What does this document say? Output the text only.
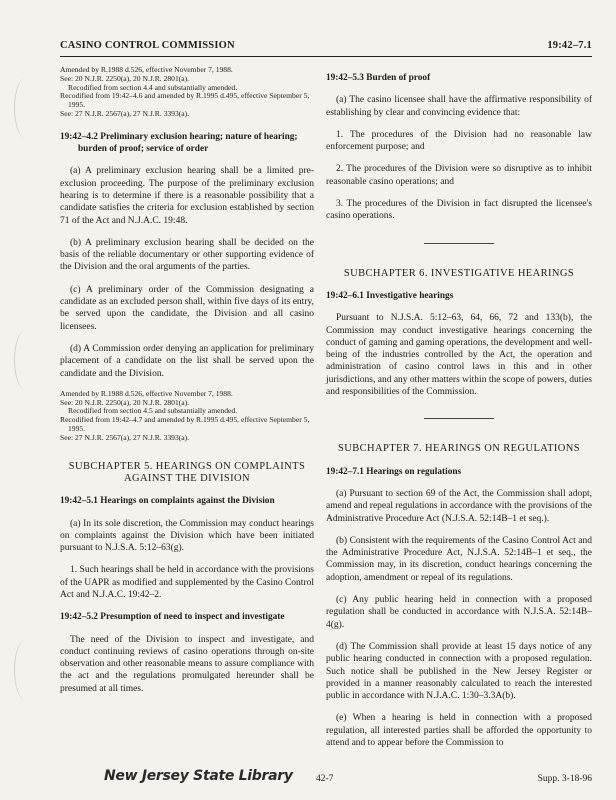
CASINO CONTROL COMMISSION	19:42–7.1
Amended by R.1988 d.526, effective November 7, 1988.
See: 20 N.J.R. 2250(a), 20 N.J.R. 2801(a).
Recodified from section 4.4 and substantially amended.
Recodified from 19:42–4.6 and amended by R.1995 d.495, effective September 5, 1995.
See: 27 N.J.R. 2567(a), 27 N.J.R. 3393(a).
19:42–4.2 Preliminary exclusion hearing; nature of hearing; burden of proof; service of order

(a) A preliminary exclusion hearing shall be a limited pre-exclusion proceeding. The purpose of the preliminary exclusion hearing is to determine if there is a reasonable possibility that a candidate satisfies the criteria for exclusion established by section 71 of the Act and N.J.A.C. 19:48.

(b) A preliminary exclusion hearing shall be decided on the basis of the reliable documentary or other supporting evidence of the Division and the oral arguments of the parties.

(c) A preliminary order of the Commission designating a candidate as an excluded person shall, within five days of its entry, be served upon the candidate, the Division and all casino licensees.

(d) A Commission order denying an application for preliminary placement of a candidate on the list shall be served upon the candidate and the Division.

Amended by R.1988 d.526, effective November 7, 1988.
See: 20 N.J.R. 2250(a), 20 N.J.R. 2801(a).
Recodified from section 4.5 and substantially amended.
Recodified from 19:42–4.7 and amended by R.1995 d.495, effective September 5, 1995.
See: 27 N.J.R. 2567(a), 27 N.J.R. 3393(a).
SUBCHAPTER 5. HEARINGS ON COMPLAINTS AGAINST THE DIVISION
19:42–5.1 Hearings on complaints against the Division

(a) In its sole discretion, the Commission may conduct hearings on complaints against the Division which have been initiated pursuant to N.J.S.A. 5:12–63(g).

1. Such hearings shall be held in accordance with the provisions of the UAPR as modified and supplemented by the Casino Control Act and N.J.A.C. 19:42–2.

19:42–5.2 Presumption of need to inspect and investigate

The need of the Division to inspect and investigate, and conduct continuing reviews of casino operations through on-site observation and other reasonable means to assure compliance with the act and the regulations promulgated hereunder shall be presumed at all times.

19:42–5.3 Burden of proof

(a) The casino licensee shall have the affirmative responsibility of establishing by clear and convincing evidence that:

1. The procedures of the Division had no reasonable law enforcement purpose; and

2. The procedures of the Division were so disruptive as to inhibit reasonable casino operations; and

3. The procedures of the Division in fact disrupted the licensee's casino operations.

SUBCHAPTER 6. INVESTIGATIVE HEARINGS
19:42–6.1 Investigative hearings

Pursuant to N.J.S.A. 5:12–63, 64, 66, 72 and 133(b), the Commission may conduct investigative hearings concerning the conduct of gaming and gaming operations, the development and well-being of the industries controlled by the Act, the operation and administration of casino control laws in this and in other jurisdictions, and any other matters within the scope of powers, duties and responsibilities of the Commission.

SUBCHAPTER 7. HEARINGS ON REGULATIONS
19:42–7.1 Hearings on regulations

(a) Pursuant to section 69 of the Act, the Commission shall adopt, amend and repeal regulations in accordance with the provisions of the Administrative Procedure Act (N.J.S.A. 52:14B–1 et seq.).

(b) Consistent with the requirements of the Casino Control Act and the Administrative Procedure Act, N.J.S.A. 52:14B–1 et seq., the Commission may, in its discretion, conduct hearings concerning the adoption, amendment or repeal of its regulations.

(c) Any public hearing held in connection with a proposed regulation shall be conducted in accordance with N.J.S.A. 52:14B–4(g).

(d) The Commission shall provide at least 15 days notice of any public hearing conducted in connection with a proposed regulation. Such notice shall be published in the New Jersey Register or provided in a manner reasonably calculated to reach the interested public in accordance with N.J.A.C. 1:30–3.3A(b).

(e) When a hearing is held in connection with a proposed regulation, all interested parties shall be afforded the opportunity to attend and to appear before the Commission to

New Jersey State Library 42-7	Supp. 3-18-96
